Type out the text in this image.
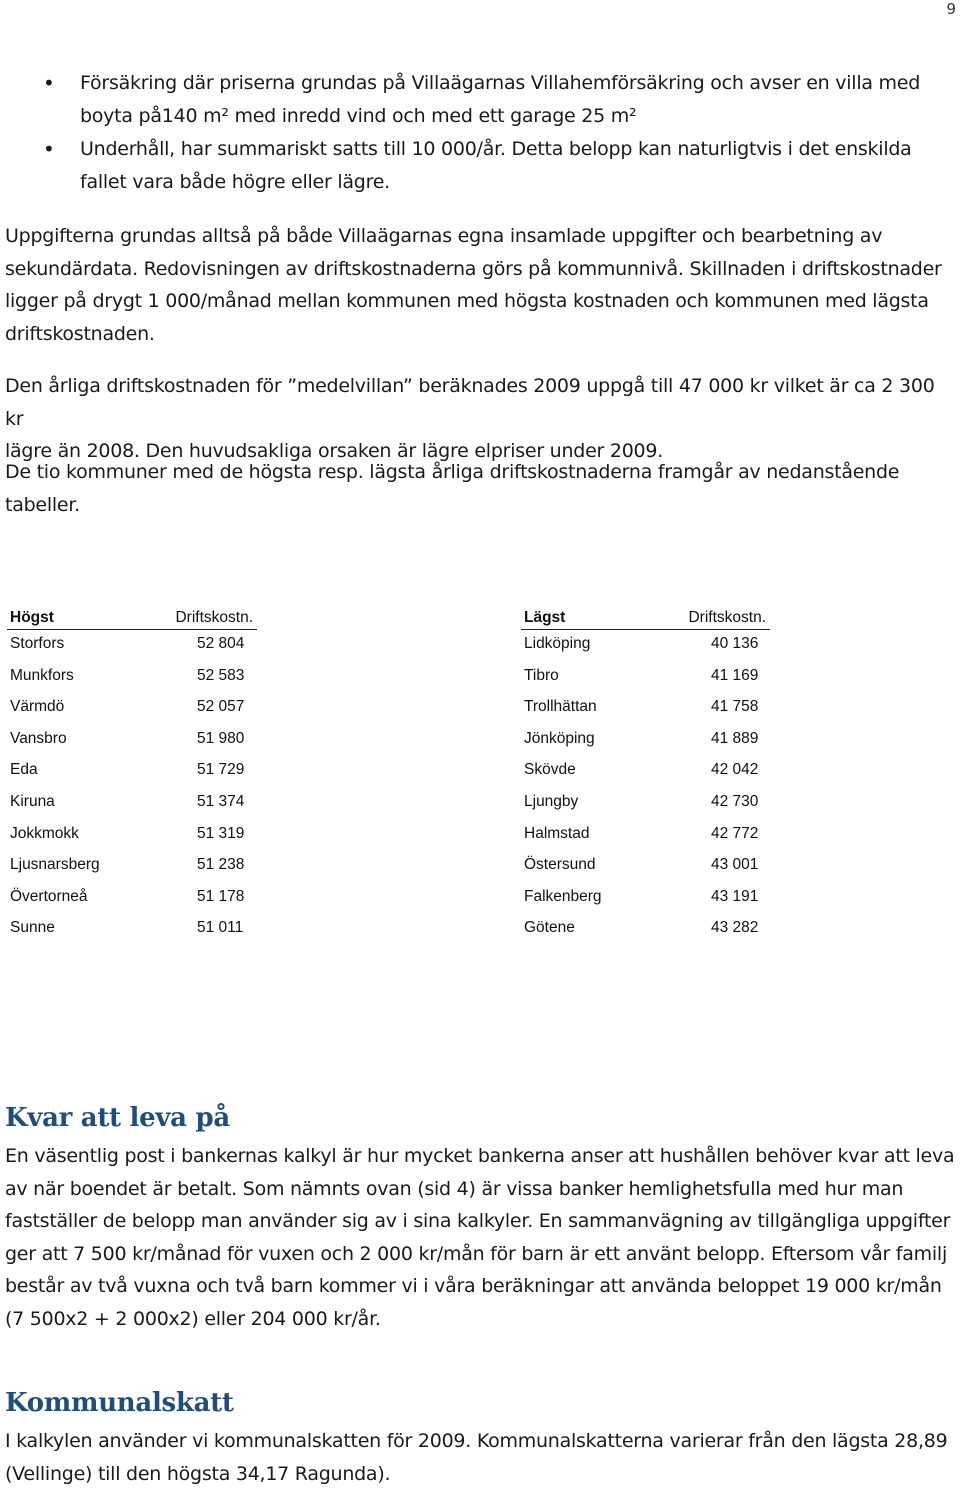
9
• Försäkring där priserna grundas på Villaägarnas Villahemförsäkring och avser en villa med
boyta på140 m² med inredd vind och med ett garage 25 m²
• Underhåll, har summariskt satts till 10 000/år. Detta belopp kan naturligtvis i det enskilda
fallet vara både högre eller lägre.

Uppgifterna grundas alltså på både Villaägarnas egna insamlade uppgifter och bearbetning av
sekundärdata. Redovisningen av driftskostnaderna görs på kommunnivå. Skillnaden i driftskostnader
ligger på drygt 1 000/månad mellan kommunen med högsta kostnaden och kommunen med lägsta
driftskostnaden.

Den årliga driftskostnaden för ”medelvillan” beräknades 2009 uppgå till 47 000 kr vilket är ca 2 300 kr
lägre än 2008. Den huvudsakliga orsaken är lägre elpriser under 2009.

De tio kommuner med de högsta resp. lägsta årliga driftskostnaderna framgår av nedanstående
tabeller.

Högst	Driftskostn.
Storfors	52 804
Munkfors	52 583
Värmdö	52 057
Vansbro	51 980
Eda	51 729
Kiruna	51 374
Jokkmokk	51 319
Ljusnarsberg	51 238
Övertorneå	51 178
Sunne	51 011
Lägst	Driftskostn.
Lidköping	40 136
Tibro	41 169
Trollhättan	41 758
Jönköping	41 889
Skövde	42 042
Ljungby	42 730
Halmstad	42 772
Östersund	43 001
Falkenberg	43 191
Götene	43 282
Kvar att leva på

En väsentlig post i bankernas kalkyl är hur mycket bankerna anser att hushållen behöver kvar att leva
av när boendet är betalt. Som nämnts ovan (sid 4) är vissa banker hemlighetsfulla med hur man
fastställer de belopp man använder sig av i sina kalkyler. En sammanvägning av tillgängliga uppgifter
ger att 7 500 kr/månad för vuxen och 2 000 kr/mån för barn är ett använt belopp. Eftersom vår familj
består av två vuxna och två barn kommer vi i våra beräkningar att använda beloppet 19 000 kr/mån
(7 500x2 + 2 000x2) eller 204 000 kr/år.

Kommunalskatt

I kalkylen använder vi kommunalskatten för 2009. Kommunalskatterna varierar från den lägsta 28,89
(Vellinge) till den högsta 34,17 Ragunda).
